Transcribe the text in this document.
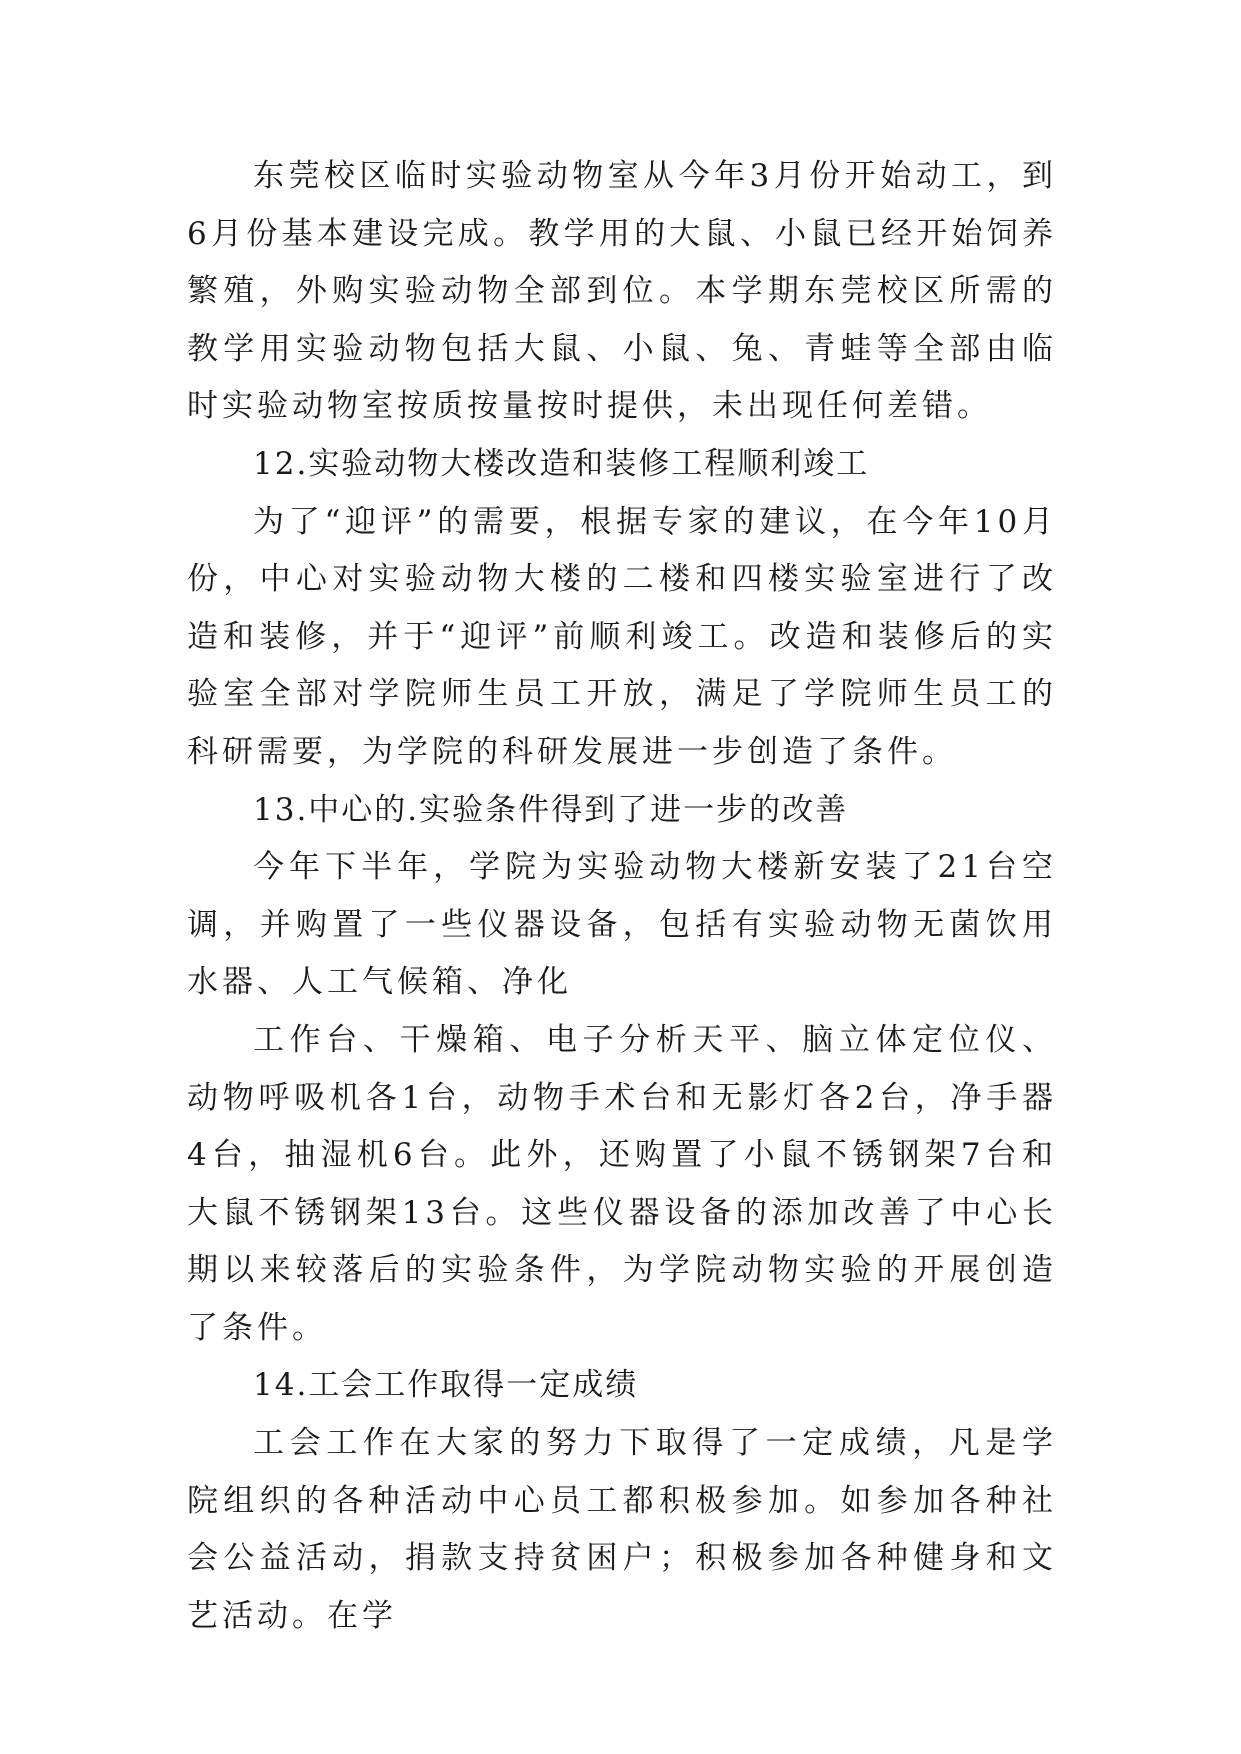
东莞校区临时实验动物室从今年3月份开始动工，到6月份基本建设完成。教学用的大鼠、小鼠已经开始饲养繁殖，外购实验动物全部到位。本学期东莞校区所需的教学用实验动物包括大鼠、小鼠、兔、青蛙等全部由临时实验动物室按质按量按时提供，未出现任何差错。

12.实验动物大楼改造和装修工程顺利竣工

为了“迎评”的需要，根据专家的建议，在今年10月份，中心对实验动物大楼的二楼和四楼实验室进行了改造和装修，并于“迎评”前顺利竣工。改造和装修后的实验室全部对学院师生员工开放，满足了学院师生员工的科研需要，为学院的科研发展进一步创造了条件。

13.中心的.实验条件得到了进一步的改善

今年下半年，学院为实验动物大楼新安装了21台空调，并购置了一些仪器设备，包括有实验动物无菌饮用水器、人工气候箱、净化

工作台、干燥箱、电子分析天平、脑立体定位仪、动物呼吸机各1台，动物手术台和无影灯各2台，净手器4台，抽湿机6台。此外，还购置了小鼠不锈钢架7台和大鼠不锈钢架13台。这些仪器设备的添加改善了中心长期以来较落后的实验条件，为学院动物实验的开展创造了条件。

14.工会工作取得一定成绩

工会工作在大家的努力下取得了一定成绩，凡是学院组织的各种活动中心员工都积极参加。如参加各种社会公益活动，捐款支持贫困户；积极参加各种健身和文艺活动。在学
